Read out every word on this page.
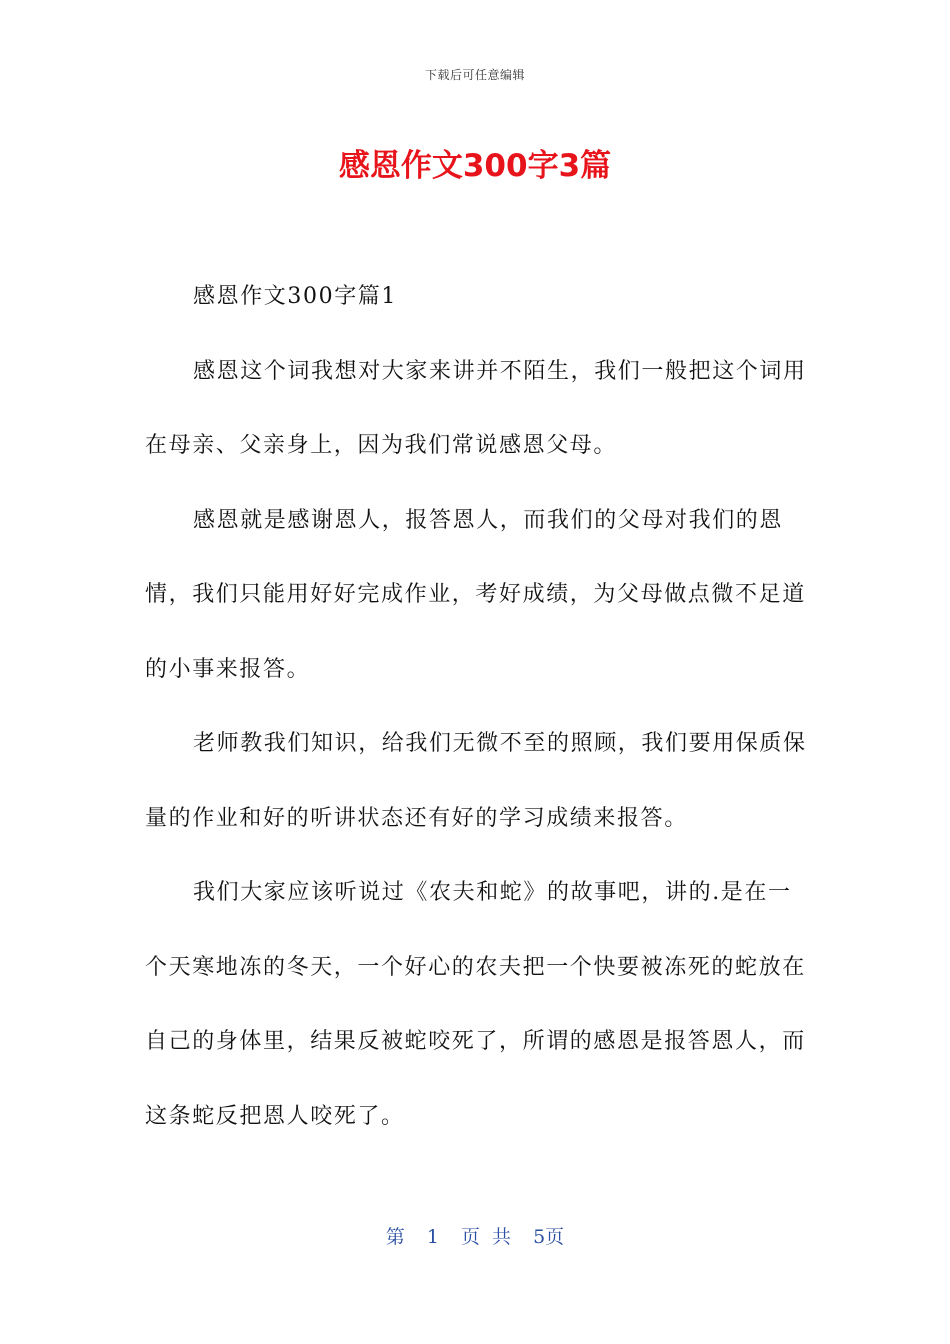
下载后可任意编辑
感恩作文300字3篇

感恩作文300字篇1

感恩这个词我想对大家来讲并不陌生，我们一般把这个词用在母亲、父亲身上，因为我们常说感恩父母。

感恩就是感谢恩人，报答恩人，而我们的父母对我们的恩情，我们只能用好好完成作业，考好成绩，为父母做点微不足道的小事来报答。

老师教我们知识，给我们无微不至的照顾，我们要用保质保量的作业和好的听讲状态还有好的学习成绩来报答。

我们大家应该听说过《农夫和蛇》的故事吧，讲的.是在一个天寒地冻的冬天，一个好心的农夫把一个快要被冻死的蛇放在自己的身体里，结果反被蛇咬死了，所谓的感恩是报答恩人，而这条蛇反把恩人咬死了。

第 1 页 共 5页
